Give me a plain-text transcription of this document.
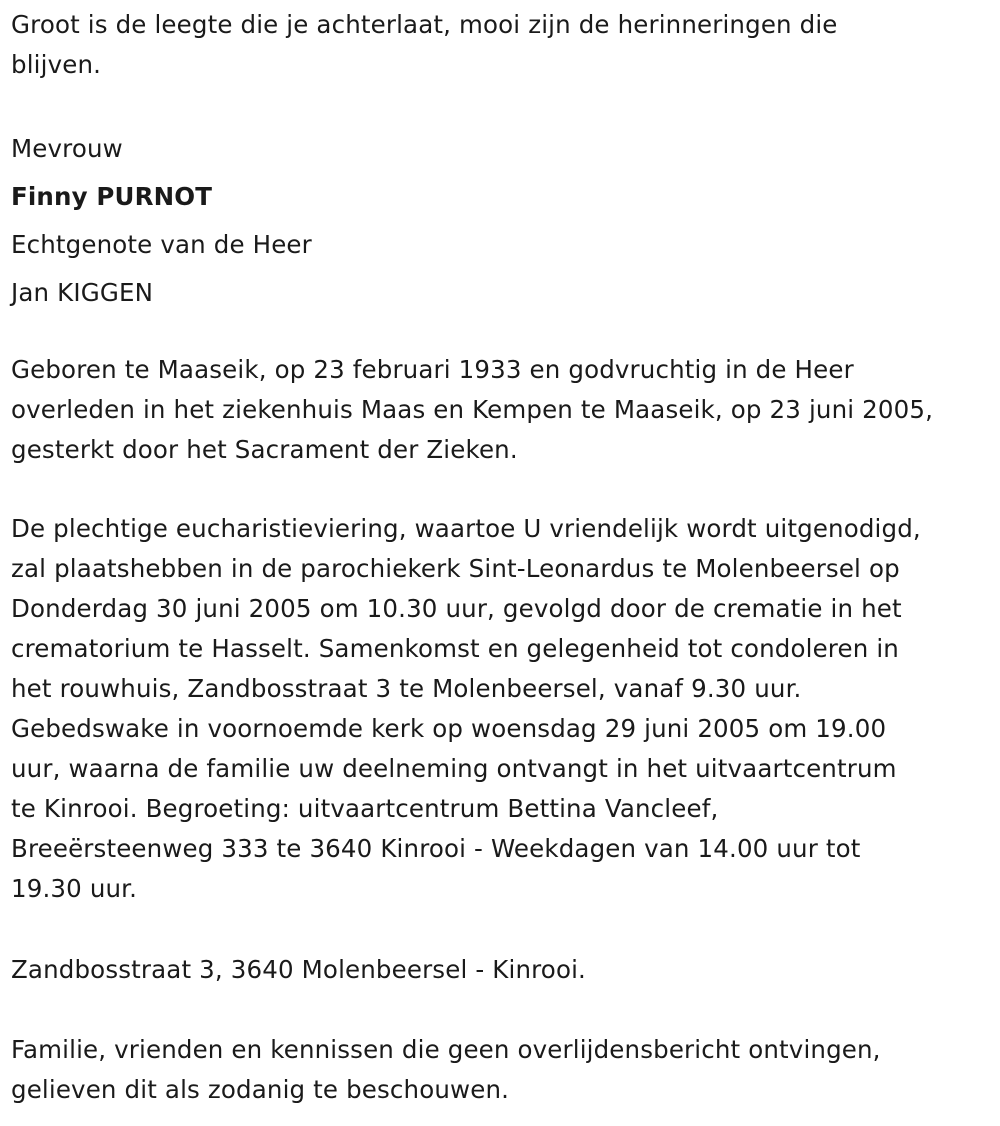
Groot is de leegte die je achterlaat, mooi zijn de herinneringen die
blijven.
Mevrouw
Finny PURNOT
Echtgenote van de Heer
Jan KIGGEN
Geboren te Maaseik, op 23 februari 1933 en godvruchtig in de Heer
overleden in het ziekenhuis Maas en Kempen te Maaseik, op 23 juni 2005,
gesterkt door het Sacrament der Zieken.
De plechtige eucharistieviering, waartoe U vriendelijk wordt uitgenodigd,
zal plaatshebben in de parochiekerk Sint-Leonardus te Molenbeersel op
Donderdag 30 juni 2005 om 10.30 uur, gevolgd door de crematie in het
crematorium te Hasselt. Samenkomst en gelegenheid tot condoleren in
het rouwhuis, Zandbosstraat 3 te Molenbeersel, vanaf 9.30 uur.
Gebedswake in voornoemde kerk op woensdag 29 juni 2005 om 19.00
uur, waarna de familie uw deelneming ontvangt in het uitvaartcentrum
te Kinrooi. Begroeting: uitvaartcentrum Bettina Vancleef,
Breeërsteenweg 333 te 3640 Kinrooi - Weekdagen van 14.00 uur tot
19.30 uur.
Zandbosstraat 3, 3640 Molenbeersel - Kinrooi.
Familie, vrienden en kennissen die geen overlijdensbericht ontvingen,
gelieven dit als zodanig te beschouwen.
